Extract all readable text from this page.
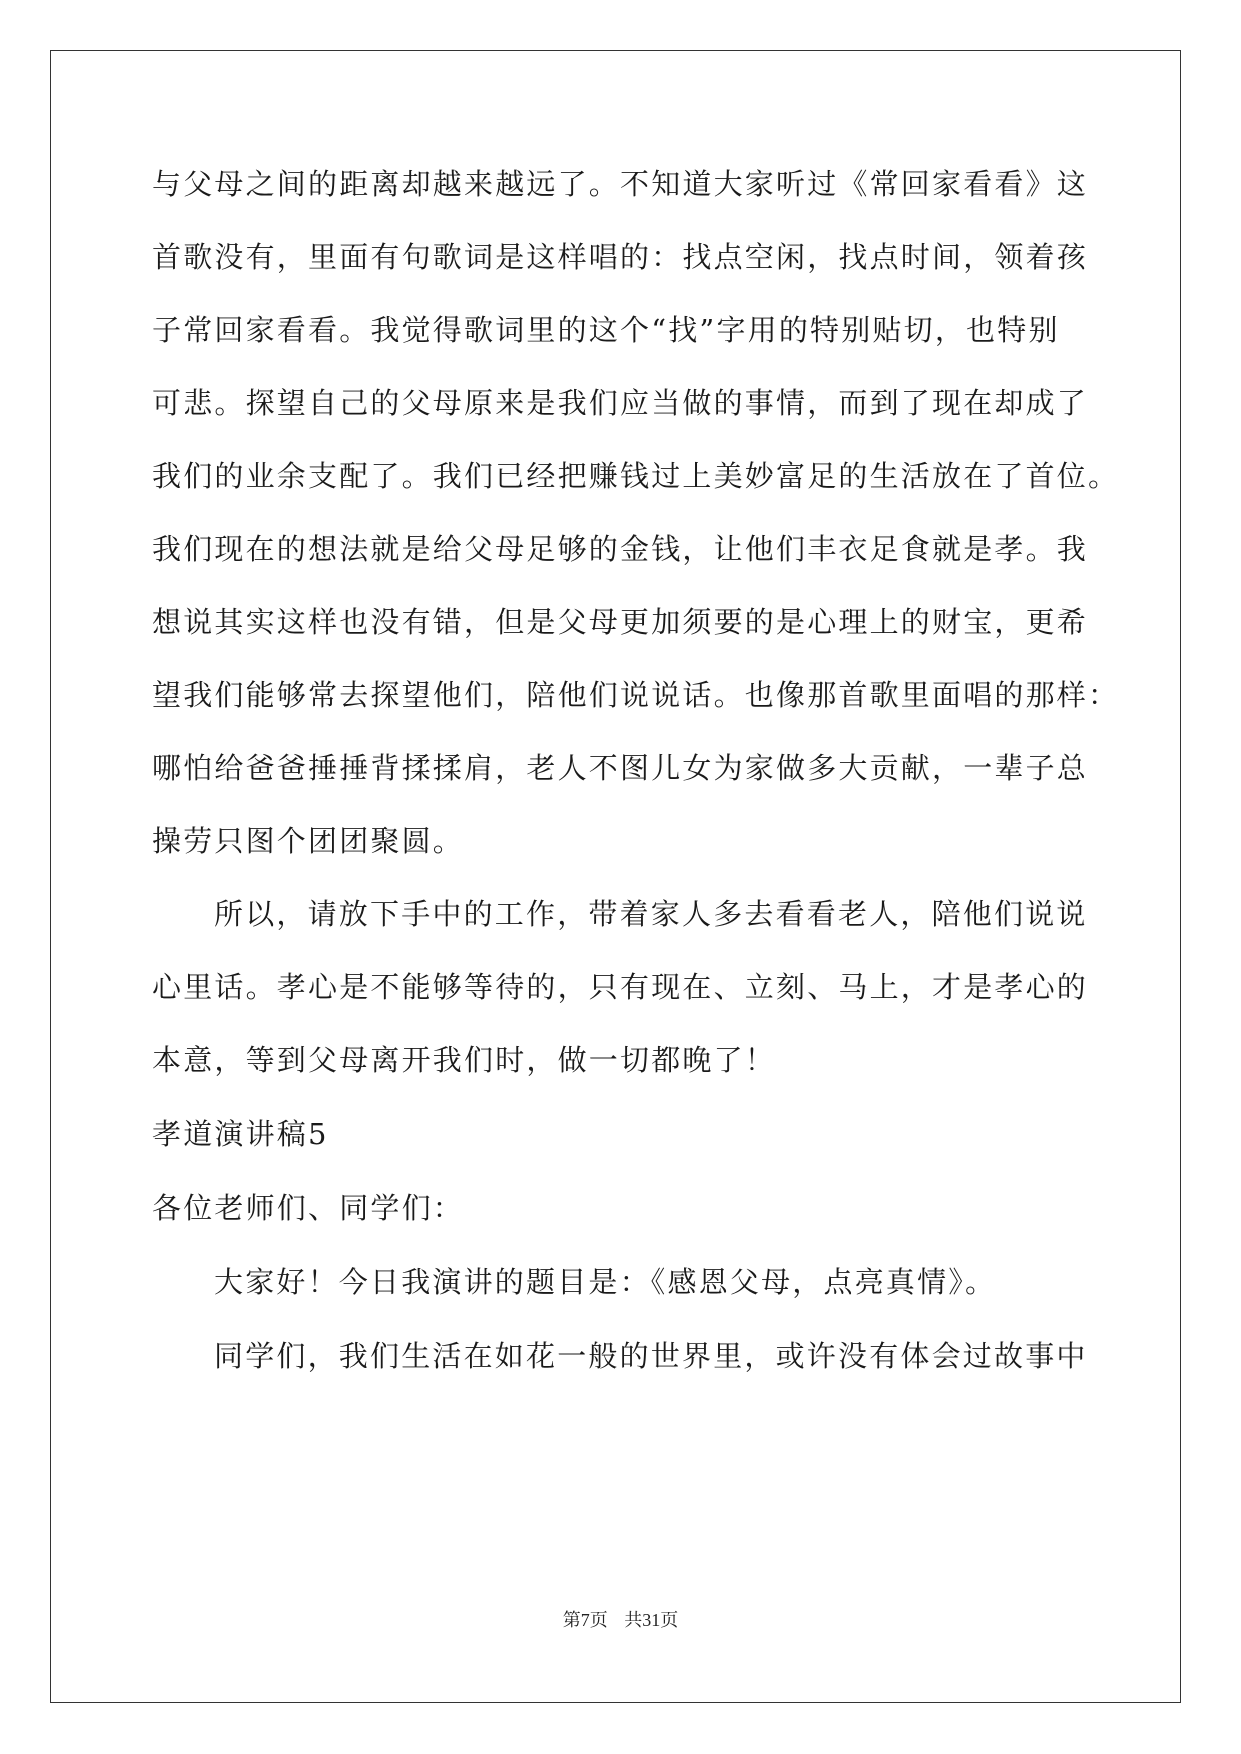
与父母之间的距离却越来越远了。不知道大家听过《常回家看看》这
首歌没有，里面有句歌词是这样唱的：找点空闲，找点时间，领着孩
子常回家看看。我觉得歌词里的这个“找”字用的特别贴切，也特别
可悲。探望自己的父母原来是我们应当做的事情，而到了现在却成了
我们的业余支配了。我们已经把赚钱过上美妙富足的生活放在了首位。
我们现在的想法就是给父母足够的金钱，让他们丰衣足食就是孝。我
想说其实这样也没有错，但是父母更加须要的是心理上的财宝，更希
望我们能够常去探望他们，陪他们说说话。也像那首歌里面唱的那样：
哪怕给爸爸捶捶背揉揉肩，老人不图儿女为家做多大贡献，一辈子总
操劳只图个团团聚圆。
所以，请放下手中的工作，带着家人多去看看老人，陪他们说说
心里话。孝心是不能够等待的，只有现在、立刻、马上，才是孝心的
本意，等到父母离开我们时，做一切都晚了！
孝道演讲稿5
各位老师们、同学们：
大家好！今日我演讲的题目是：《感恩父母，点亮真情》。
同学们，我们生活在如花一般的世界里，或许没有体会过故事中
第7页 共31页
